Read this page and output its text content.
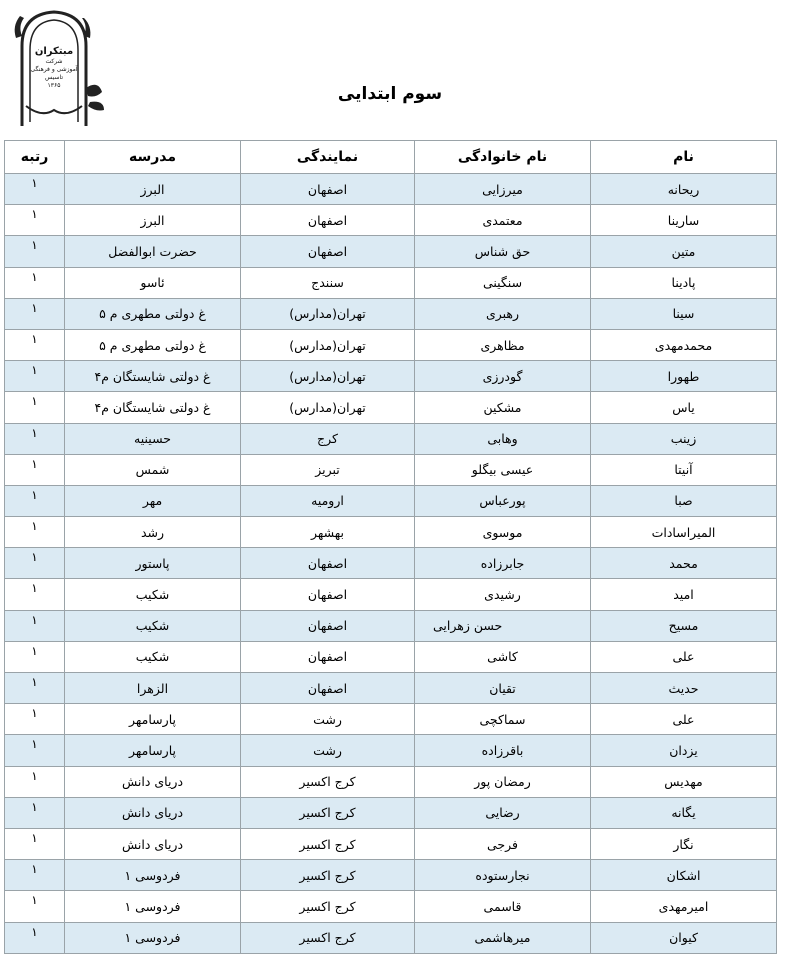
مبتکران
شرکت
آموزشی و فرهنگی
تاسیس
۱۳۶۵	سوم ابتدایی
نام	نام خانوادگی	نمایندگی	مدرسه	رتبه
ریحانه	میرزایی	اصفهان	البرز	۱
سارینا	معتمدی	اصفهان	البرز	۱
متین	حق شناس	اصفهان	حضرت ابوالفضل	۱
پادینا	سنگینی	سنندج	ئاسو	۱
سینا	رهبری	تهران(مدارس)	غ دولتی مطهری م ۵	۱
محمدمهدی	مظاهری	تهران(مدارس)	غ دولتی مطهری م ۵	۱
طهورا	گودرزی	تهران(مدارس)	غ دولتی شایستگان م۴	۱
یاس	مشکین	تهران(مدارس)	غ دولتی شایستگان م۴	۱
زینب	وهابی	کرج	حسینیه	۱
آنیتا	عیسی بیگلو	تبریز	شمس	۱
صبا	پورعباس	ارومیه	مهر	۱
المیراسادات	موسوی	بهشهر	رشد	۱
محمد	جابرزاده	اصفهان	پاستور	۱
امید	رشیدی	اصفهان	شکیب	۱
مسیح	حسن زهرایی	اصفهان	شکیب	۱
علی	کاشی	اصفهان	شکیب	۱
حدیث	تقیان	اصفهان	الزهرا	۱
علی	سماکچی	رشت	پارسامهر	۱
یزدان	باقرزاده	رشت	پارسامهر	۱
مهدیس	رمضان پور	کرج اکسیر	دریای دانش	۱
یگانه	رضایی	کرج اکسیر	دریای دانش	۱
نگار	فرجی	کرج اکسیر	دریای دانش	۱
اشکان	نجارستوده	کرج اکسیر	فردوسی ۱	۱
امیرمهدی	قاسمی	کرج اکسیر	فردوسی ۱	۱
کیوان	میرهاشمی	کرج اکسیر	فردوسی ۱	۱
